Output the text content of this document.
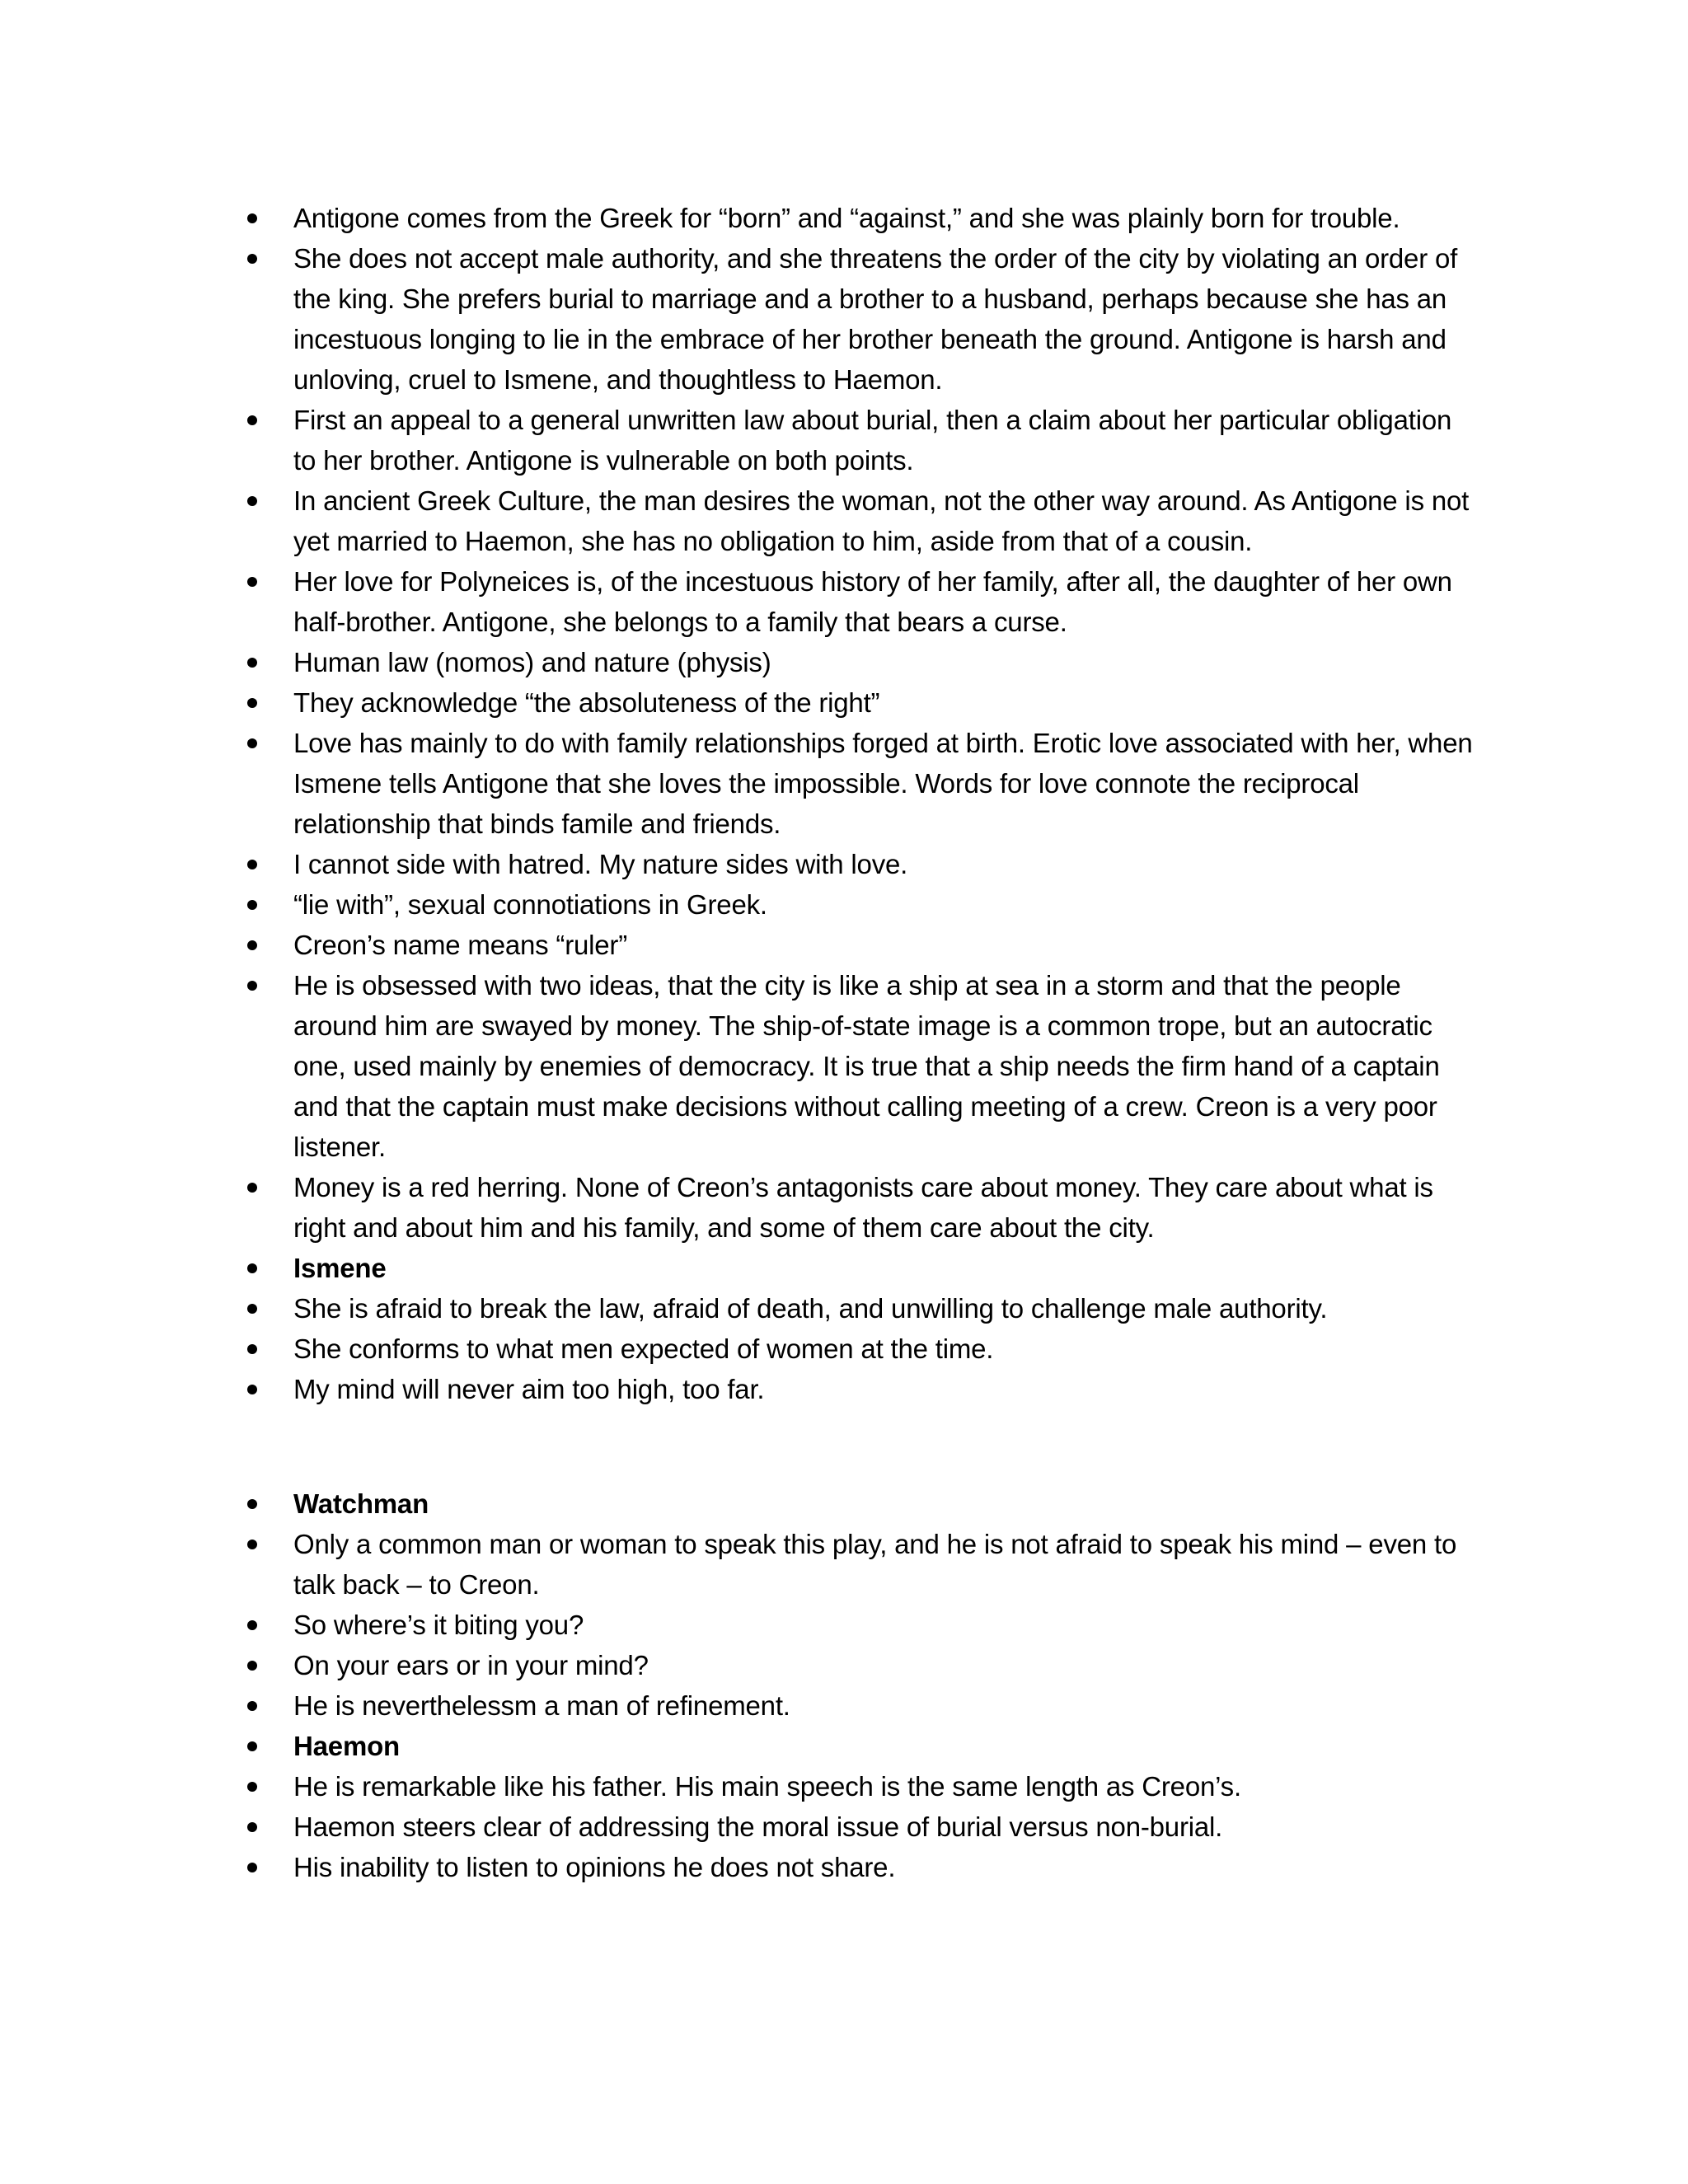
Antigone comes from the Greek for “born” and “against,” and she was plainly born for trouble.
She does not accept male authority, and she threatens the order of the city by violating an order of the king. She prefers burial to marriage and a brother to a husband, perhaps because she has an incestuous longing to lie in the embrace of her brother beneath the ground. Antigone is harsh and unloving, cruel to Ismene, and thoughtless to Haemon.
First an appeal to a general unwritten law about burial, then a claim about her particular obligation to her brother. Antigone is vulnerable on both points.
In ancient Greek Culture, the man desires the woman, not the other way around. As Antigone is not yet married to Haemon, she has no obligation to him, aside from that of a cousin.
Her love for Polyneices is, of the incestuous history of her family, after all, the daughter of her own half-brother. Antigone, she belongs to a family that bears a curse.
Human law (nomos) and nature (physis)
They acknowledge “the absoluteness of the right”
Love has mainly to do with family relationships forged at birth. Erotic love associated with her, when Ismene tells Antigone that she loves the impossible. Words for love connote the reciprocal relationship that binds famile and friends.
I cannot side with hatred. My nature sides with love.
“lie with”, sexual connotiations in Greek.
Creon’s name means “ruler”
He is obsessed with two ideas, that the city is like a ship at sea in a storm and that the people around him are swayed by money. The ship-of-state image is a common trope, but an autocratic one, used mainly by enemies of democracy. It is true that a ship needs the firm hand of a captain and that the captain must make decisions without calling meeting of a crew. Creon is a very poor listener.
Money is a red herring. None of Creon’s antagonists care about money. They care about what is right and about him and his family, and some of them care about the city.
Ismene
She is afraid to break the law, afraid of death, and unwilling to challenge male authority.
She conforms to what men expected of women at the time.
My mind will never aim too high, too far.
Watchman
Only a common man or woman to speak this play, and he is not afraid to speak his mind – even to talk back – to Creon.
So where’s it biting you?
On your ears or in your mind?
He is neverthelessm a man of refinement.
Haemon
He is remarkable like his father. His main speech is the same length as Creon’s.
Haemon steers clear of addressing the moral issue of burial versus non-burial.
His inability to listen to opinions he does not share.
